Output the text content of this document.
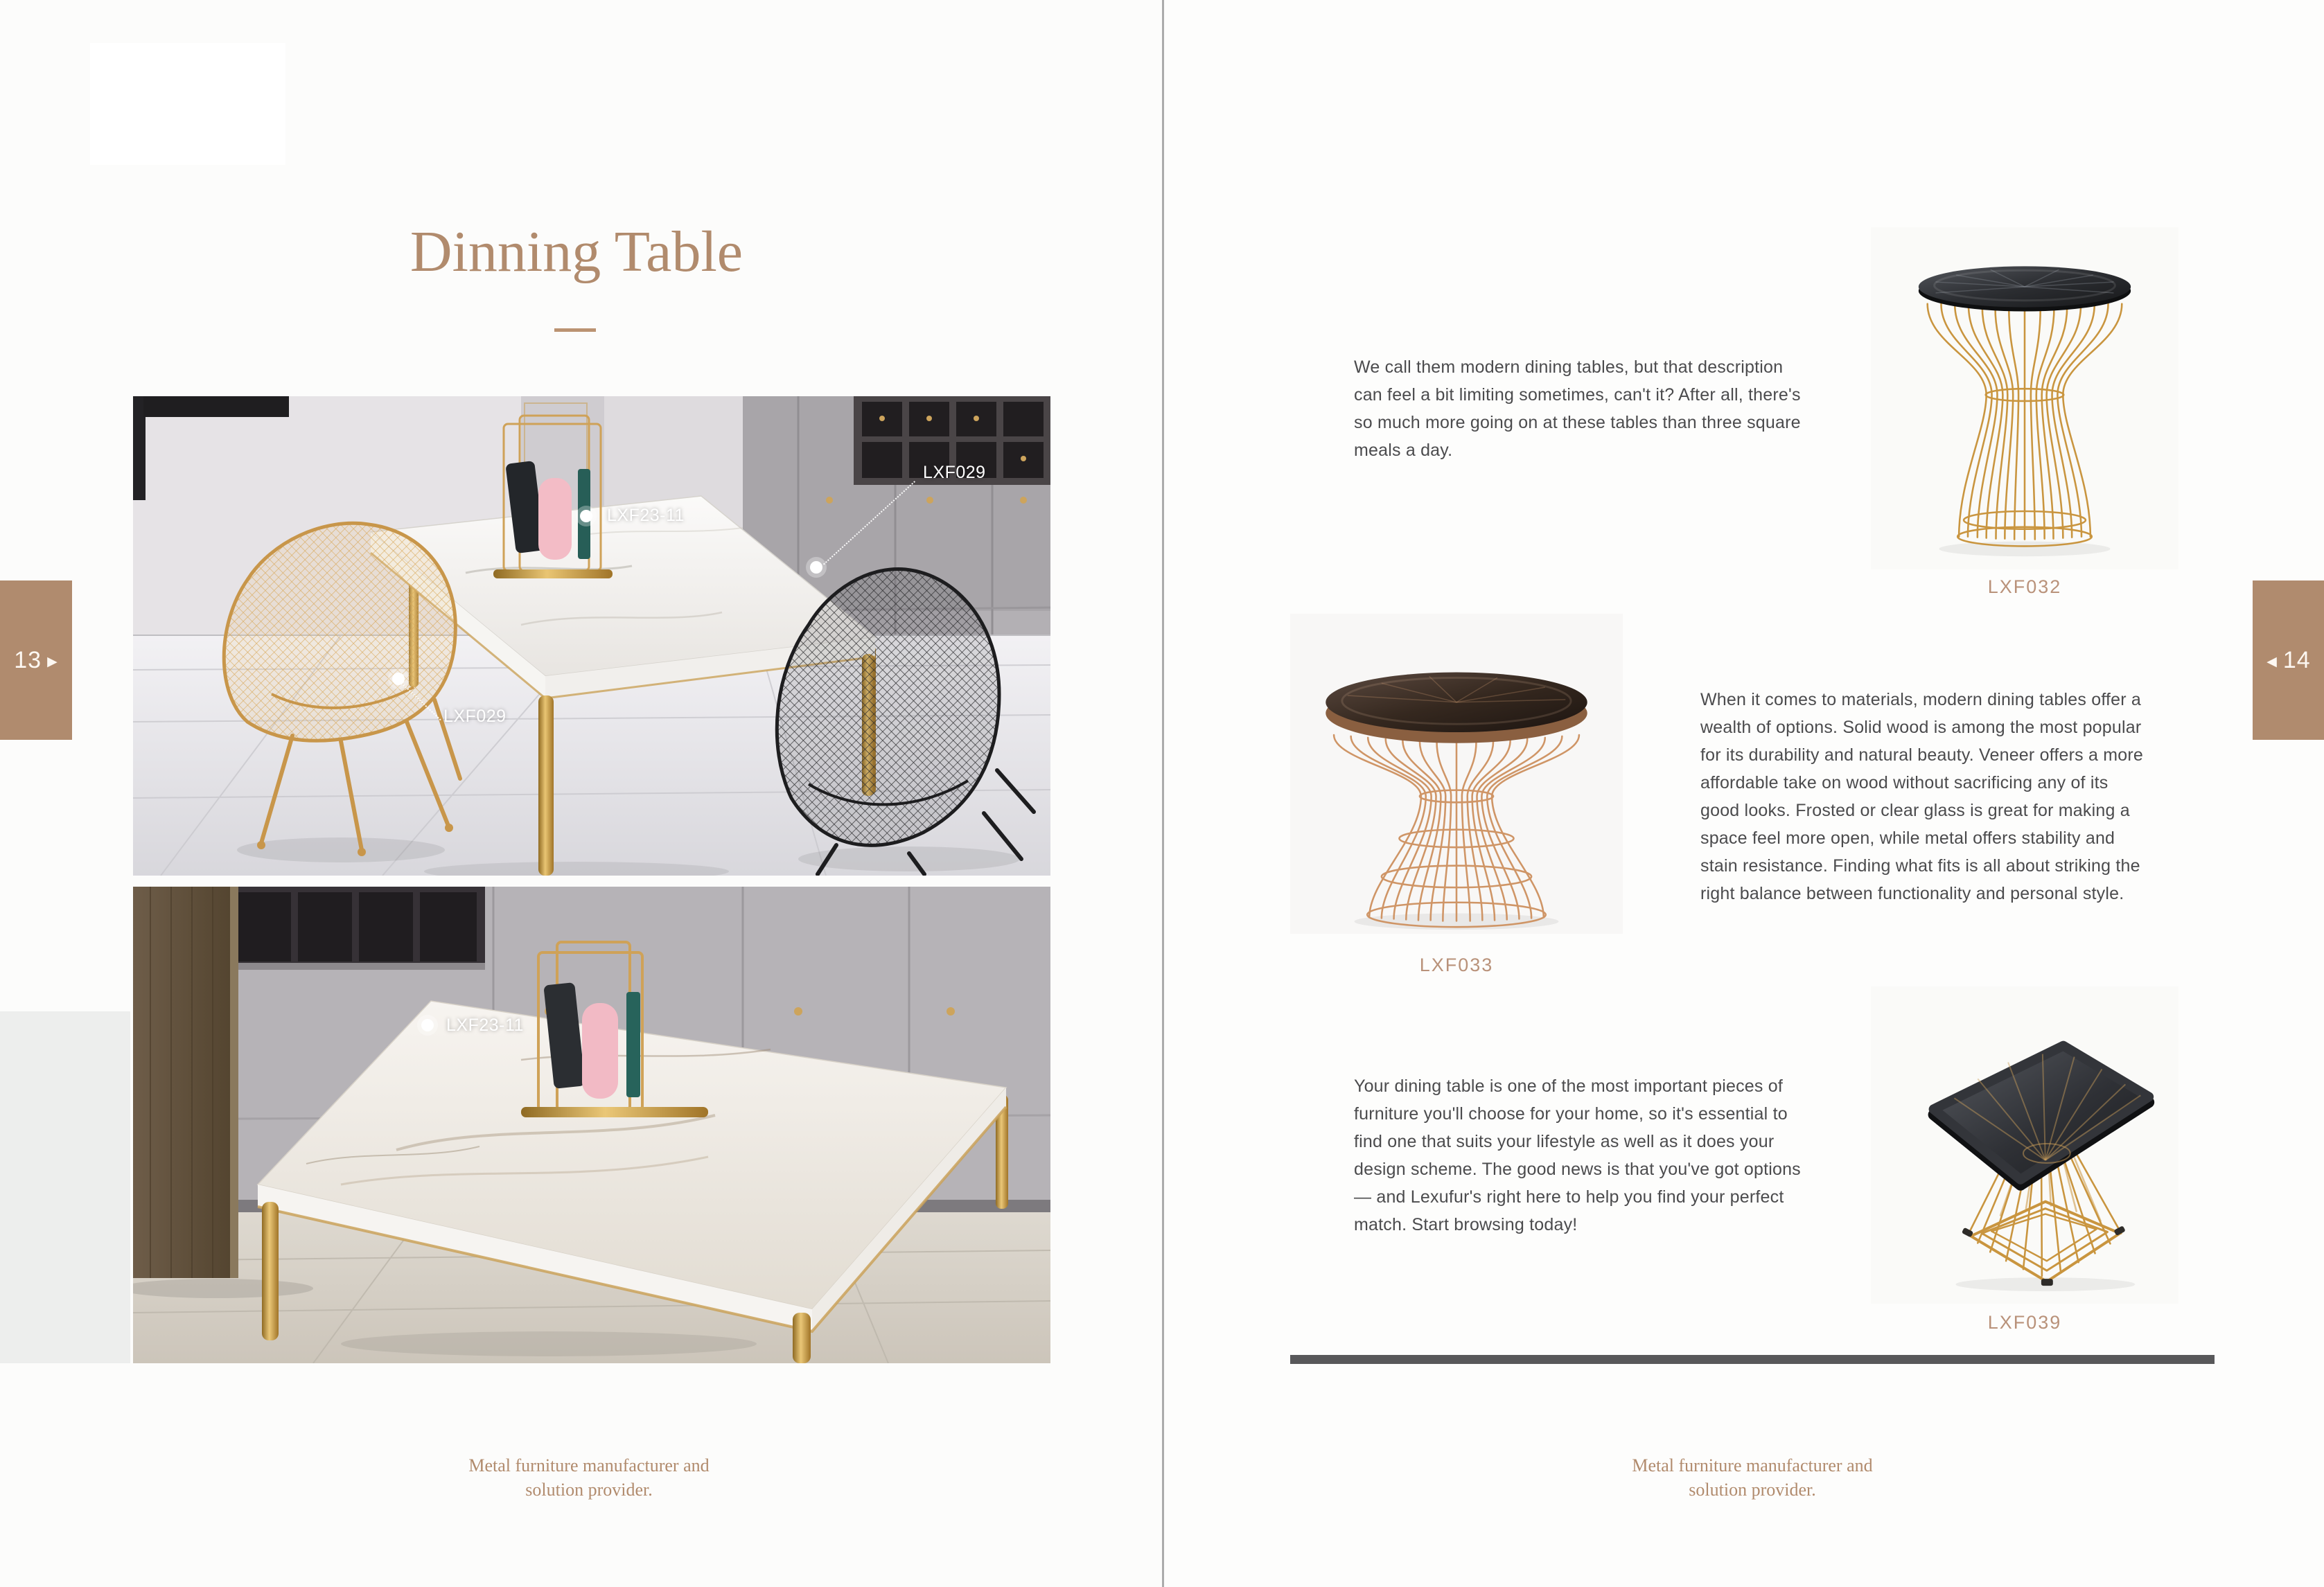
Dinning Table
LXF029
LXF23-11
LXF029
LXF23-11
Metal furniture manufacturer and
solution provider.
We call them modern dining tables, but that description can feel a bit limiting sometimes, can't it? After all, there's so much more going on at these tables than three square meals a day.
LXF032
LXF033
When it comes to materials, modern dining tables offer a wealth of options. Solid wood is among the most popular for its durability and natural beauty. Veneer offers a more affordable take on wood without sacrificing any of its good looks. Frosted or clear glass is great for making a space feel more open, while metal offers stability and stain resistance. Finding what fits is all about striking the right balance between functionality and personal style.
Your dining table is one of the most important pieces of furniture you'll choose for your home, so it's essential to find one that suits your lifestyle as well as it does your design scheme. The good news is that you've got options — and Lexufur's right here to help you find your perfect match. Start browsing today!
LXF039
Metal furniture manufacturer and
solution provider.
13 ▶	◀ 14
